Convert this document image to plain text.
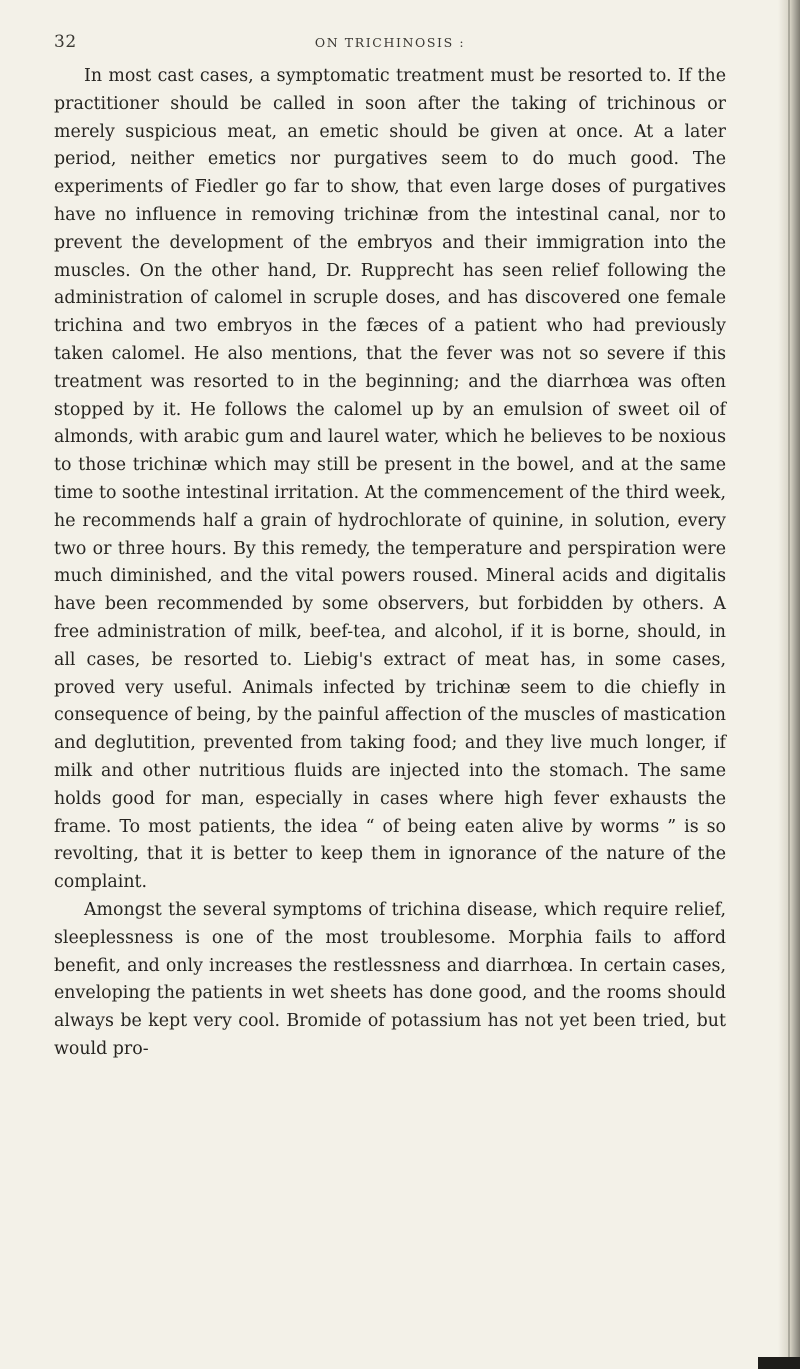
32	ON TRICHINOSIS :

In most cast cases, a symptomatic treatment must be resorted to. If the practitioner should be called in soon after the taking of trichinous or merely suspicious meat, an emetic should be given at once. At a later period, neither emetics nor purgatives seem to do much good. The experiments of Fiedler go far to show, that even large doses of purgatives have no influence in removing trichinæ from the intestinal canal, nor to prevent the development of the embryos and their immigration into the muscles. On the other hand, Dr. Rupprecht has seen relief following the administration of calomel in scruple doses, and has discovered one female trichina and two embryos in the fæces of a patient who had previously taken calomel. He also mentions, that the fever was not so severe if this treatment was resorted to in the beginning; and the diarrhœa was often stopped by it. He follows the calomel up by an emulsion of sweet oil of almonds, with arabic gum and laurel water, which he believes to be noxious to those trichinæ which may still be present in the bowel, and at the same time to soothe intestinal irritation. At the commencement of the third week, he recommends half a grain of hydrochlorate of quinine, in solution, every two or three hours. By this remedy, the temperature and perspiration were much diminished, and the vital powers roused. Mineral acids and digitalis have been recommended by some observers, but forbidden by others. A free administration of milk, beef-tea, and alcohol, if it is borne, should, in all cases, be resorted to. Liebig's extract of meat has, in some cases, proved very useful. Animals infected by trichinæ seem to die chiefly in consequence of being, by the painful affection of the muscles of mastication and deglutition, prevented from taking food; and they live much longer, if milk and other nutritious fluids are injected into the stomach. The same holds good for man, especially in cases where high fever exhausts the frame. To most patients, the idea “ of being eaten alive by worms ” is so revolting, that it is better to keep them in ignorance of the nature of the complaint.

Amongst the several symptoms of trichina disease, which require relief, sleeplessness is one of the most troublesome. Morphia fails to afford benefit, and only increases the restlessness and diarrhœa. In certain cases, enveloping the patients in wet sheets has done good, and the rooms should always be kept very cool. Bromide of potassium has not yet been tried, but would pro-
